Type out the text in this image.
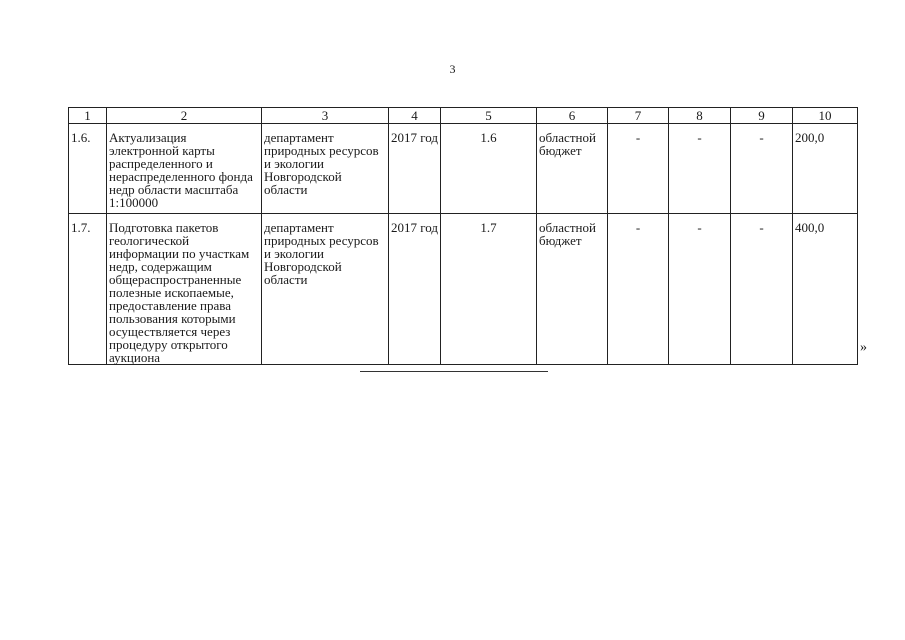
3
1	2	3	4	5	6	7	8	9	10
1.6.	Актуализация электронной карты распределенного и нераспределенного фонда недр области масштаба 1:100000	департамент природных ресурсов и экологии Новгородской области	2017 год	1.6	областной бюджет	-	-	-	200,0
1.7.	Подготовка пакетов геологической информации по участкам недр, содержащим общераспространенные полезные ископаемые, предоставление права пользования которыми осуществляется через процедуру открытого аукциона	департамент природных ресурсов и экологии Новгородской области	2017 год	1.7	областной бюджет	-	-	-	400,0
»
